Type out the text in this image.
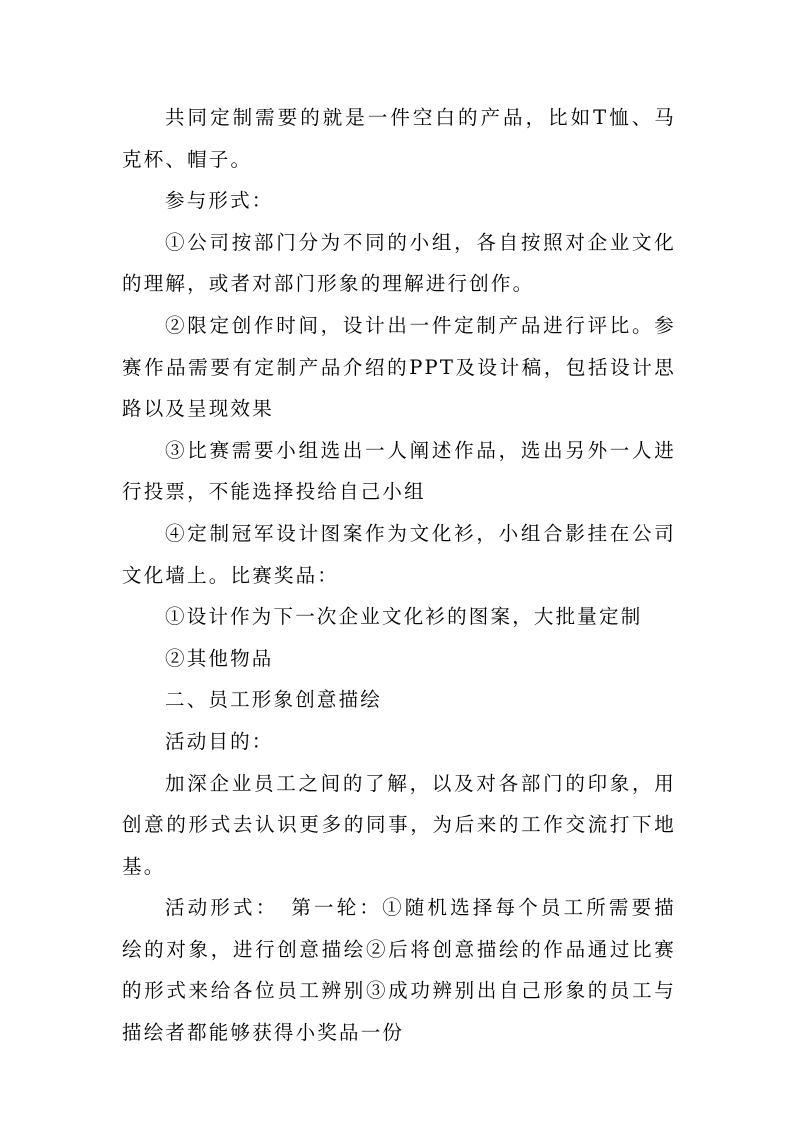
共同定制需要的就是一件空白的产品，比如T恤、马克杯、帽子。

参与形式：

①公司按部门分为不同的小组，各自按照对企业文化的理解，或者对部门形象的理解进行创作。

②限定创作时间，设计出一件定制产品进行评比。参赛作品需要有定制产品介绍的PPT及设计稿，包括设计思路以及呈现效果

③比赛需要小组选出一人阐述作品，选出另外一人进行投票，不能选择投给自己小组

④定制冠军设计图案作为文化衫，小组合影挂在公司文化墙上。比赛奖品：

①设计作为下一次企业文化衫的图案，大批量定制

②其他物品

二、员工形象创意描绘

活动目的：

加深企业员工之间的了解，以及对各部门的印象，用创意的形式去认识更多的同事，为后来的工作交流打下地基。

活动形式：　第一轮：①随机选择每个员工所需要描绘的对象，进行创意描绘②后将创意描绘的作品通过比赛的形式来给各位员工辨别③成功辨别出自己形象的员工与描绘者都能够获得小奖品一份
